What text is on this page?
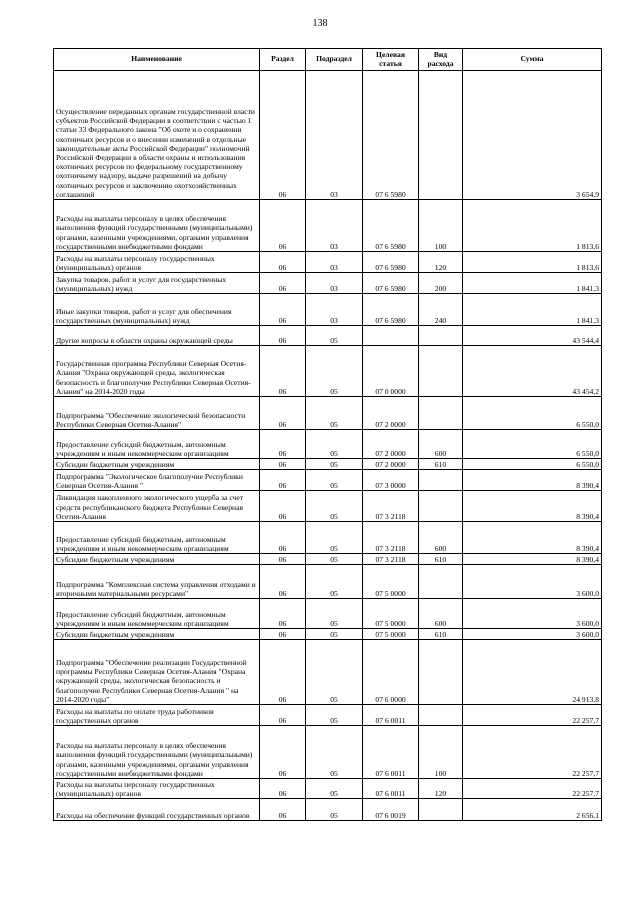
138
Наименование	Раздел	Подраздел	Целевая статья	Вид расхода	Сумма
Осуществление переданных органам государственной власти субъектов Российской Федерации в соответствии с частью 1 статьи 33 Федерального закона "Об охоте и о сохранении охотничьих ресурсов и о внесении изменений в отдельные законодательные акты Российской Федерации" полномочий Российской Федерации в области охраны и использования охотничьих ресурсов по федеральному государственному охотничьему надзору, выдаче разрешений на добычу охотничьих ресурсов и заключению охотхозяйственных соглашений	06	03	07 6 5980		3 654,9
Расходы на выплаты персоналу в целях обеспечения выполнения функций государственными (муниципальными) органами, казенными учреждениями, органами управления государственными внебюджетными фондами	06	03	07 6 5980	100	1 813,6
Расходы на выплаты персоналу государственных (муниципальных) органов	06	03	07 6 5980	120	1 813,6
Закупка товаров, работ и услуг для государственных (муниципальных) нужд	06	03	07 6 5980	200	1 841,3
Иные закупки товаров, работ и услуг для обеспечения государственных (муниципальных) нужд	06	03	07 6 5980	240	1 841,3
Другие вопросы в области охраны окружающей среды	06	05			43 544,4
Государственная программа Республики Северная Осетия-Алания "Охрана окружающей среды, экологическая безопасность и благополучие Республики Северная Осетия-Алания" на 2014-2020 годы	06	05	07 0 0000		43 454,2
Подпрограмма "Обеспечение экологической безопасности Республики Северная Осетия-Алания"	06	05	07 2 0000		6 550,0
Предоставление субсидий бюджетным, автономным учреждениям и иным некоммерческим организациям	06	05	07 2 0000	600	6 550,0
Субсидии бюджетным учреждениям	06	05	07 2 0000	610	6 550,0
Подпрограмма "Экологическое благополучие Республики Северная Осетия-Алания "	06	05	07 3 0000		8 390,4
Ликвидация накопленного экологического ущерба за счет средств республиканского бюджета Республики Северная Осетия-Алания	06	05	07 3 2118		8 390,4
Предоставление субсидий бюджетным, автономным учреждениям и иным некоммерческим организациям	06	05	07 3 2118	600	8 390,4
Субсидии бюджетным учреждениям	06	05	07 3 2118	610	8 390,4
Подпрограмма "Комплексная система управления отходами и вторичными материальными ресурсами"	06	05	07 5 0000		3 600,0
Предоставление субсидий бюджетным, автономным учреждениям и иным некоммерческим организациям	06	05	07 5 0000	600	3 600,0
Субсидии бюджетным учреждениям	06	05	07 5 0000	610	3 600,0
Подпрограмма "Обеспечение реализации Государственной программы Республики Северная Осетия-Алания "Охрана окружающей среды, экологическая безопасность и благополучие Республики Северная Осетия-Алания " на 2014-2020 годы"	06	05	07 6 0000		24 913,8
Расходы на выплаты по оплате труда работников государственных органов	06	05	07 6 0011		22 257,7
Расходы на выплаты персоналу в целях обеспечения выполнения функций государственными (муниципальными) органами, казенными учреждениями, органами управления государственными внебюджетными фондами	06	05	07 6 0011	100	22 257,7
Расходы на выплаты персоналу государственных (муниципальных) органов	06	05	07 6 0011	120	22 257,7
Расходы на обеспечение функций государственных органов	06	05	07 6 0019		2 656,1
